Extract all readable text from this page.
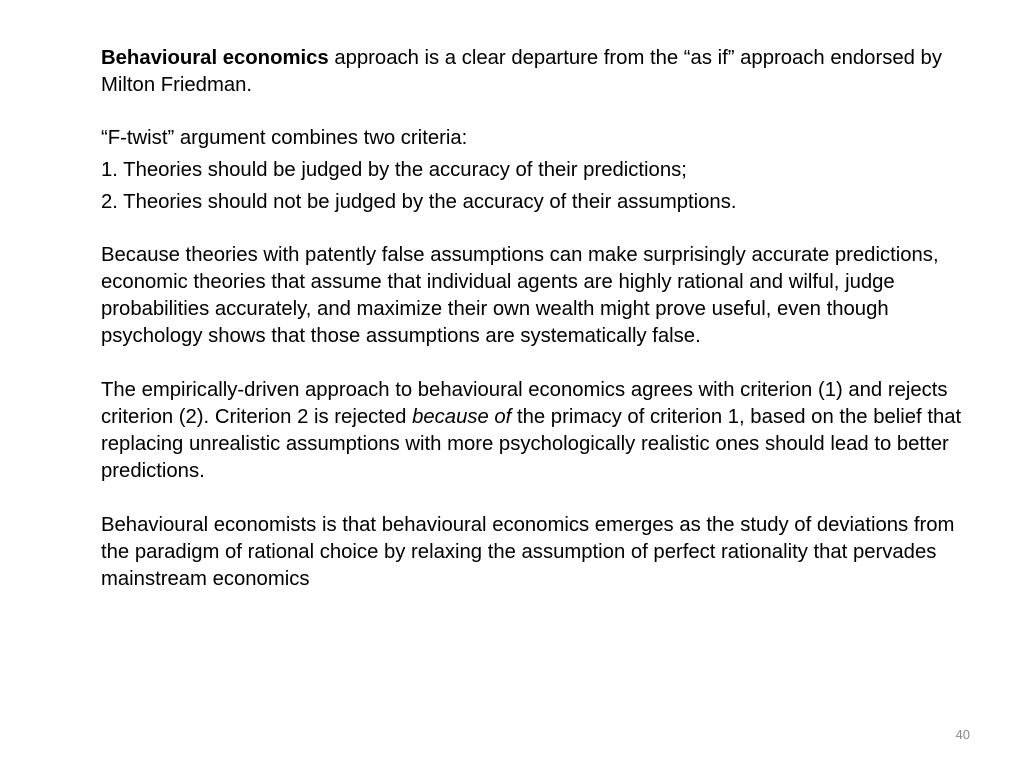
Behavioural economics approach is a clear departure from the “as if” approach endorsed by Milton Friedman.

“F-twist” argument combines two criteria:

1. Theories should be judged by the accuracy of their predictions;

2. Theories should not be judged by the accuracy of their assumptions.

Because theories with patently false assumptions can make surprisingly accurate predictions, economic theories that assume that individual agents are highly rational and wilful, judge probabilities accurately, and maximize their own wealth might prove useful, even though psychology shows that those assumptions are systematically false.

The empirically-driven approach to behavioural economics agrees with criterion (1) and rejects criterion (2). Criterion 2 is rejected because of the primacy of criterion 1, based on the belief that replacing unrealistic assumptions with more psychologically realistic ones should lead to better predictions.

Behavioural economists is that behavioural economics emerges as the study of deviations from the paradigm of rational choice by relaxing the assumption of perfect rationality that pervades mainstream economics

40
